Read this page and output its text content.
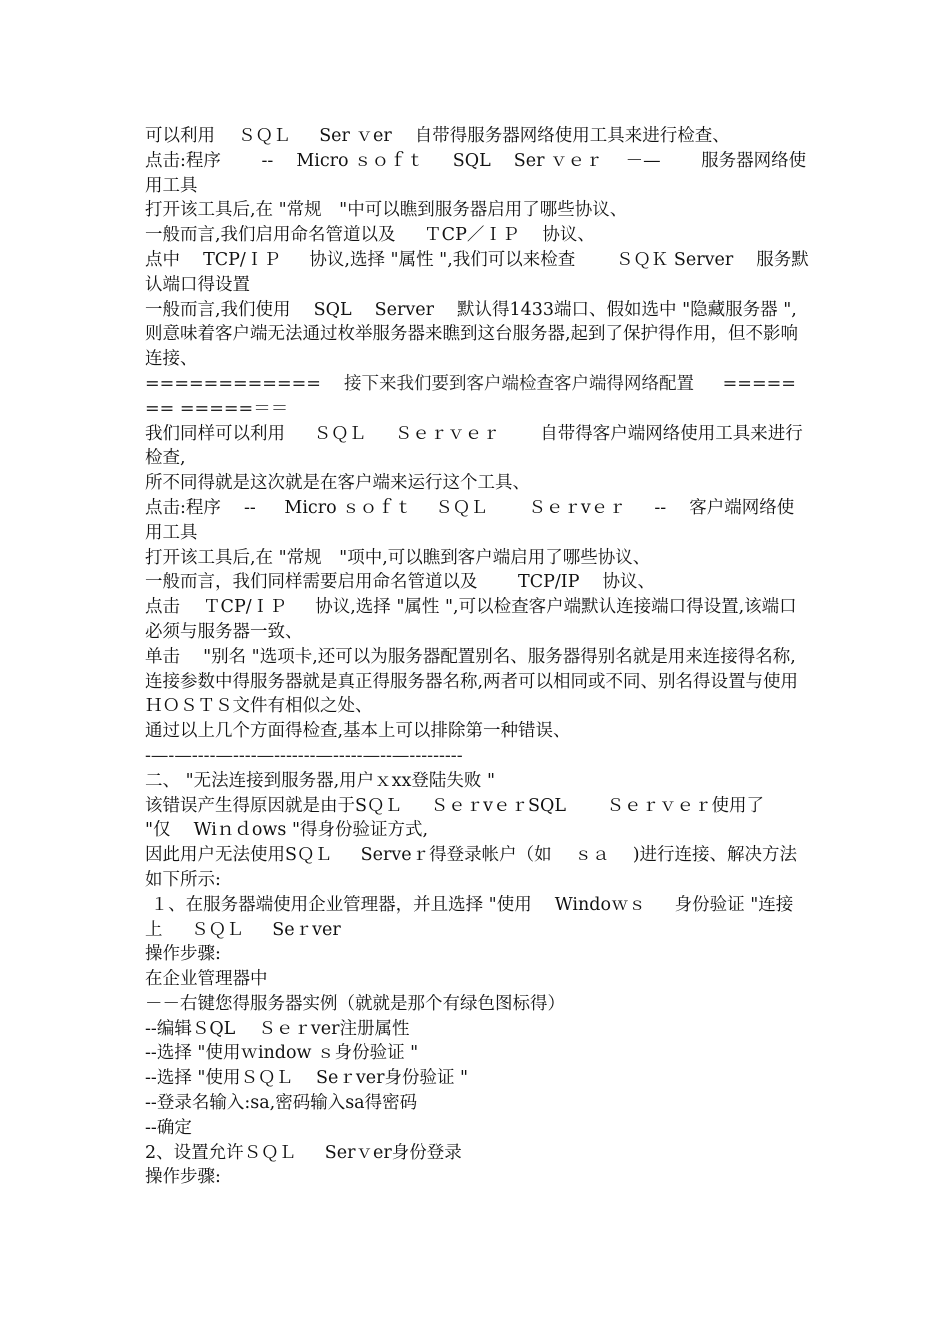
可以利用　 ＳＱＬ 　 Ser ｖer 　自带得服务器网络使用工具来进行检查、

点击:程序 　　-- 　Micro ｓｏｆｔ 　 SQL 　Ser ｖｅｒ 　－— 　　服务器网络使用工具

打开该工具后,在 "常规　"中可以瞧到服务器启用了哪些协议、

一般而言,我们启用命名管道以及 　 ＴCP／ＩＰ 　协议、

点中 　TCP/ＩＰ 　 协议,选择 "属性 ",我们可以来检查 　　ＳＱＫ Server 　服务默认端口得设置

一般而言,我们使用 　SQL 　Server 　默认得1433端口、假如选中 "隐藏服务器 ",则意味着客户端无法通过枚举服务器来瞧到这台服务器,起到了保护得作用，但不影响连接、

============ 　接下来我们要到客户端检查客户端得网络配置 　 ======= =====＝＝

我们同样可以利用 　 ＳＱＬ 　 Ｓｅｒｖｅｒ 　　自带得客户端网络使用工具来进行检查,

所不同得就是这次就是在客户端来运行这个工具、

点击:程序 　-- 　 Micro ｓｏｆｔ 　ＳＱＬ 　　Ｓｅｒvｅｒ 　 -- 　客户端网络使用工具

打开该工具后,在 "常规　"项中,可以瞧到客户端启用了哪些协议、

一般而言，我们同样需要启用命名管道以及 　　TCP/IP 　协议、

点击 　ＴCP/ＩＰ 　 协议,选择 "属性 ",可以检查客户端默认连接端口得设置,该端口必须与服务器一致、

单击 　"别名 "选项卡,还可以为服务器配置别名、服务器得别名就是用来连接得名称,

连接参数中得服务器就是真正得服务器名称,两者可以相同或不同、别名得设置与使用ＨＯＳＴＳ文件有相似之处、

通过以上几个方面得检查,基本上可以排除第一种错误、

-—-—----—----—-------—-----—--—---------

二、 "无法连接到服务器,用户ｘxx登陆失败 "

该错误产生得原因就是由于SＱＬ 　 ＳｅｒvｅｒSQL 　　Ｓｅｒｖｅｒ使用了 　"仅 　Wiｎｄows "得身份验证方式,

因此用户无法使用SＱＬ 　 Serveｒ得登录帐户（如 　ｓａ 　)进行连接、解决方法如下所示:

１、在服务器端使用企业管理器，并且选择 "使用 　Windoｗｓ 　 身份验证 "连接上 　 ＳＱＬ 　 Seｒver

操作步骤:

在企业管理器中

－－右键您得服务器实例（就就是那个有绿色图标得）

--编辑ＳQL 　Ｓｅｒver注册属性

--选择 "使用ｗindow ｓ身份验证 "

--选择 "使用ＳＱＬ 　Seｒver身份验证 "

--登录名输入:sa,密码输入sa得密码

--确定

2、设置允许ＳＱＬ 　 Serｖer身份登录

操作步骤:
